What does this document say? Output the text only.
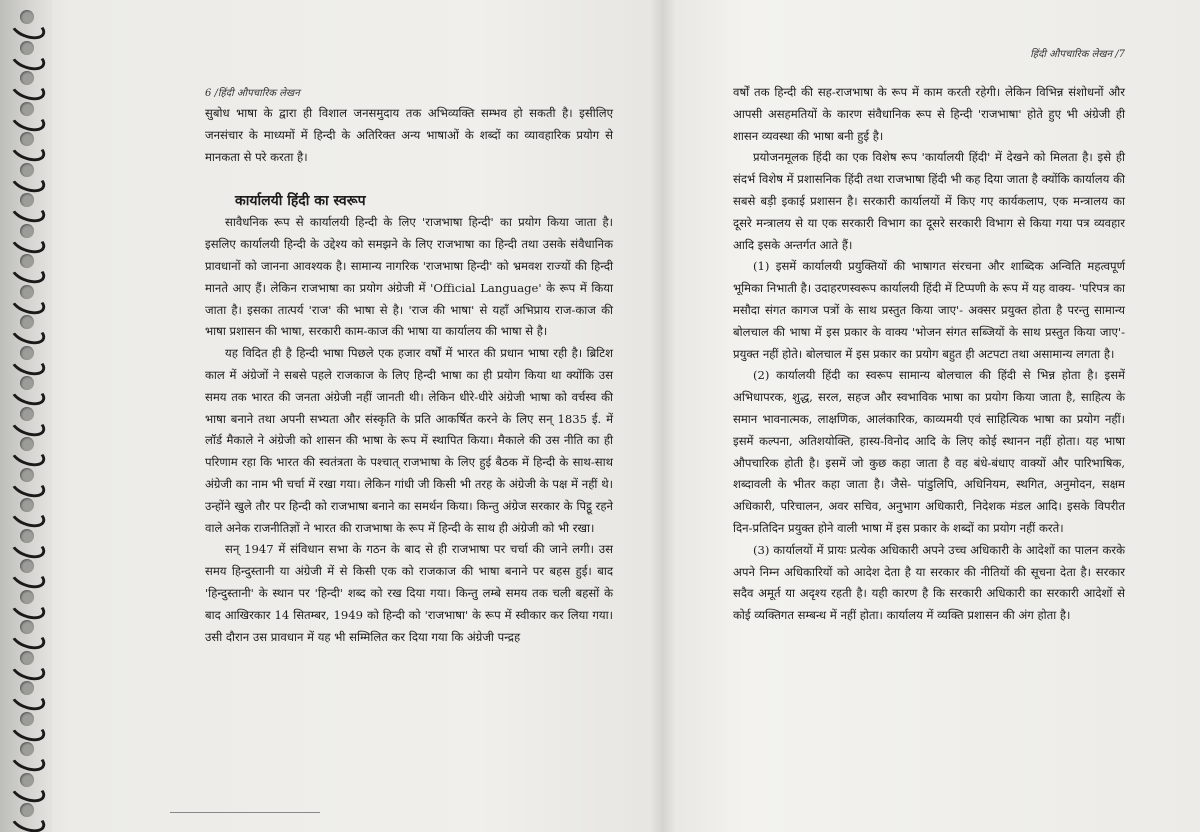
6 /हिंदी औपचारिक लेखन

सुबोध भाषा के द्वारा ही विशाल जनसमुदाय तक अभिव्यक्ति सम्भव हो सकती है। इसीलिए जनसंचार के माध्यमों में हिन्दी के अतिरिक्त अन्य भाषाओं के शब्दों का व्यावहारिक प्रयोग से मानकता से परे करता है।

कार्यालयी हिंदी का स्वरूप

सावैधनिक रूप से कार्यालयी हिन्दी के लिए 'राजभाषा हिन्दी' का प्रयोग किया जाता है। इसलिए कार्यालयी हिन्दी के उद्देश्य को समझने के लिए राजभाषा का हिन्दी तथा उसके संवैधानिक प्रावधानों को जानना आवश्यक है। सामान्य नागरिक 'राजभाषा हिन्दी' को भ्रमवश राज्यों की हिन्दी मानते आए हैं। लेकिन राजभाषा का प्रयोग अंग्रेजी में 'Official Language' के रूप में किया जाता है। इसका तात्पर्य 'राज' की भाषा से है। 'राज की भाषा' से यहाँ अभिप्राय राज-काज की भाषा प्रशासन की भाषा, सरकारी काम-काज की भाषा या कार्यालय की भाषा से है।

यह विदित ही है हिन्दी भाषा पिछले एक हजार वर्षों में भारत की प्रधान भाषा रही है। ब्रिटिश काल में अंग्रेजों ने सबसे पहले राजकाज के लिए हिन्दी भाषा का ही प्रयोग किया था क्योंकि उस समय तक भारत की जनता अंग्रेजी नहीं जानती थी। लेकिन धीरे-धीरे अंग्रेजी भाषा को वर्चस्व की भाषा बनाने तथा अपनी सभ्यता और संस्कृति के प्रति आकर्षित करने के लिए सन् 1835 ई. में लॉर्ड मैकाले ने अंग्रेजी को शासन की भाषा के रूप में स्थापित किया। मैकाले की उस नीति का ही परिणाम रहा कि भारत की स्वतंत्रता के पश्चात् राजभाषा के लिए हुई बैठक में हिन्दी के साथ-साथ अंग्रेजी का नाम भी चर्चा में रखा गया। लेकिन गांधी जी किसी भी तरह के अंग्रेजी के पक्ष में नहीं थे। उन्होंने खुले तौर पर हिन्दी को राजभाषा बनाने का समर्थन किया। किन्तु अंग्रेज सरकार के पिट्ठू रहने वाले अनेक राजनीतिज्ञों ने भारत की राजभाषा के रूप में हिन्दी के साथ ही अंग्रेजी को भी रखा।

सन् 1947 में संविधान सभा के गठन के बाद से ही राजभाषा पर चर्चा की जाने लगी। उस समय हिन्दुस्तानी या अंग्रेजी में से किसी एक को राजकाज की भाषा बनाने पर बहस हुई। बाद 'हिन्दुस्तानी' के स्थान पर 'हिन्दी' शब्द को रख दिया गया। किन्तु लम्बे समय तक चली बहसों के बाद आखिरकार 14 सितम्बर, 1949 को हिन्दी को 'राजभाषा' के रूप में स्वीकार कर लिया गया। उसी दौरान उस प्रावधान में यह भी सम्मिलित कर दिया गया कि अंग्रेजी पन्द्रह

हिंदी औपचारिक लेखन /7

वर्षों तक हिन्दी की सह-राजभाषा के रूप में काम करती रहेगी। लेकिन विभिन्न संशोधनों और आपसी असहमतियों के कारण संवैधानिक रूप से हिन्दी 'राजभाषा' होते हुए भी अंग्रेजी ही शासन व्यवस्था की भाषा बनी हुई है।

प्रयोजनमूलक हिंदी का एक विशेष रूप 'कार्यालयी हिंदी' में देखने को मिलता है। इसे ही संदर्भ विशेष में प्रशासनिक हिंदी तथा राजभाषा हिंदी भी कह दिया जाता है क्योंकि कार्यालय की सबसे बड़ी इकाई प्रशासन है। सरकारी कार्यालयों में किए गए कार्यकलाप, एक मन्त्रालय का दूसरे मन्त्रालय से या एक सरकारी विभाग का दूसरे सरकारी विभाग से किया गया पत्र व्यवहार आदि इसके अन्तर्गत आते हैं।

(1) इसमें कार्यालयी प्रयुक्तियों की भाषागत संरचना और शाब्दिक अन्विति महत्वपूर्ण भूमिका निभाती है। उदाहरणस्वरूप कार्यालयी हिंदी में टिप्पणी के रूप में यह वाक्य- 'परिपत्र का मसौदा संगत कागज पत्रों के साथ प्रस्तुत किया जाए'- अक्सर प्रयुक्त होता है परन्तु सामान्य बोलचाल की भाषा में इस प्रकार के वाक्य 'भोजन संगत सब्जियों के साथ प्रस्तुत किया जाए'- प्रयुक्त नहीं होते। बोलचाल में इस प्रकार का प्रयोग बहुत ही अटपटा तथा असामान्य लगता है।

(2) कार्यालयी हिंदी का स्वरूप सामान्य बोलचाल की हिंदी से भिन्न होता है। इसमें अभिधापरक, शुद्ध, सरल, सहज और स्वभाविक भाषा का प्रयोग किया जाता है, साहित्य के समान भावनात्मक, लाक्षणिक, आलंकारिक, काव्यमयी एवं साहित्यिक भाषा का प्रयोग नहीं। इसमें कल्पना, अतिशयोक्ति, हास्य-विनोद आदि के लिए कोई स्थानन नहीं होता। यह भाषा औपचारिक होती है। इसमें जो कुछ कहा जाता है वह बंधे-बंधाए वाक्यों और पारिभाषिक, शब्दावली के भीतर कहा जाता है। जैसे- पांडुलिपि, अधिनियम, स्थगित, अनुमोदन, सक्षम अधिकारी, परिचालन, अवर सचिव, अनुभाग अधिकारी, निदेशक मंडल आदि। इसके विपरीत दिन-प्रतिदिन प्रयुक्त होने वाली भाषा में इस प्रकार के शब्दों का प्रयोग नहीं करते।

(3) कार्यालयों में प्रायः प्रत्येक अधिकारी अपने उच्च अधिकारी के आदेशों का पालन करके अपने निम्न अधिकारियों को आदेश देता है या सरकार की नीतियों की सूचना देता है। सरकार सदैव अमूर्त या अदृश्य रहती है। यही कारण है कि सरकारी अधिकारी का सरकारी आदेशों से कोई व्यक्तिगत सम्बन्ध में नहीं होता। कार्यालय में व्यक्ति प्रशासन की अंग होता है।
